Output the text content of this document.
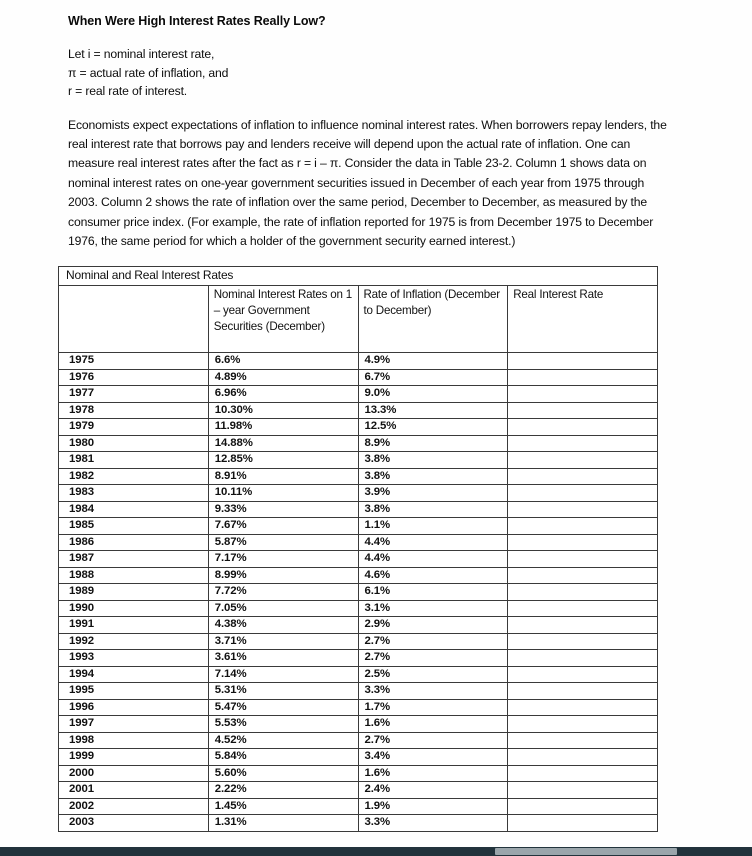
When Were High Interest Rates Really Low?
Let i = nominal interest rate,
π = actual rate of inflation, and
r = real rate of interest.

Economists expect expectations of inflation to influence nominal interest rates. When borrowers repay lenders, the real interest rate that borrows pay and lenders receive will depend upon the actual rate of inflation. One can measure real interest rates after the fact as r = i – π. Consider the data in Table 23-2. Column 1 shows data on nominal interest rates on one-year government securities issued in December of each year from 1975 through 2003. Column 2 shows the rate of inflation over the same period, December to December, as measured by the consumer price index. (For example, the rate of inflation reported for 1975 is from December 1975 to December 1976, the same period for which a holder of the government security earned interest.)

Nominal and Real Interest Rates			
	Nominal Interest Rates on 1 – year Government Securities (December)	Rate of Inflation (December to December)	Real Interest Rate
1975	6.6%	4.9%	
1976	4.89%	6.7%	
1977	6.96%	9.0%	
1978	10.30%	13.3%	
1979	11.98%	12.5%	
1980	14.88%	8.9%	
1981	12.85%	3.8%	
1982	8.91%	3.8%	
1983	10.11%	3.9%	
1984	9.33%	3.8%	
1985	7.67%	1.1%	
1986	5.87%	4.4%	
1987	7.17%	4.4%	
1988	8.99%	4.6%	
1989	7.72%	6.1%	
1990	7.05%	3.1%	
1991	4.38%	2.9%	
1992	3.71%	2.7%	
1993	3.61%	2.7%	
1994	7.14%	2.5%	
1995	5.31%	3.3%	
1996	5.47%	1.7%	
1997	5.53%	1.6%	
1998	4.52%	2.7%	
1999	5.84%	3.4%	
2000	5.60%	1.6%	
2001	2.22%	2.4%	
2002	1.45%	1.9%	
2003	1.31%	3.3%	
